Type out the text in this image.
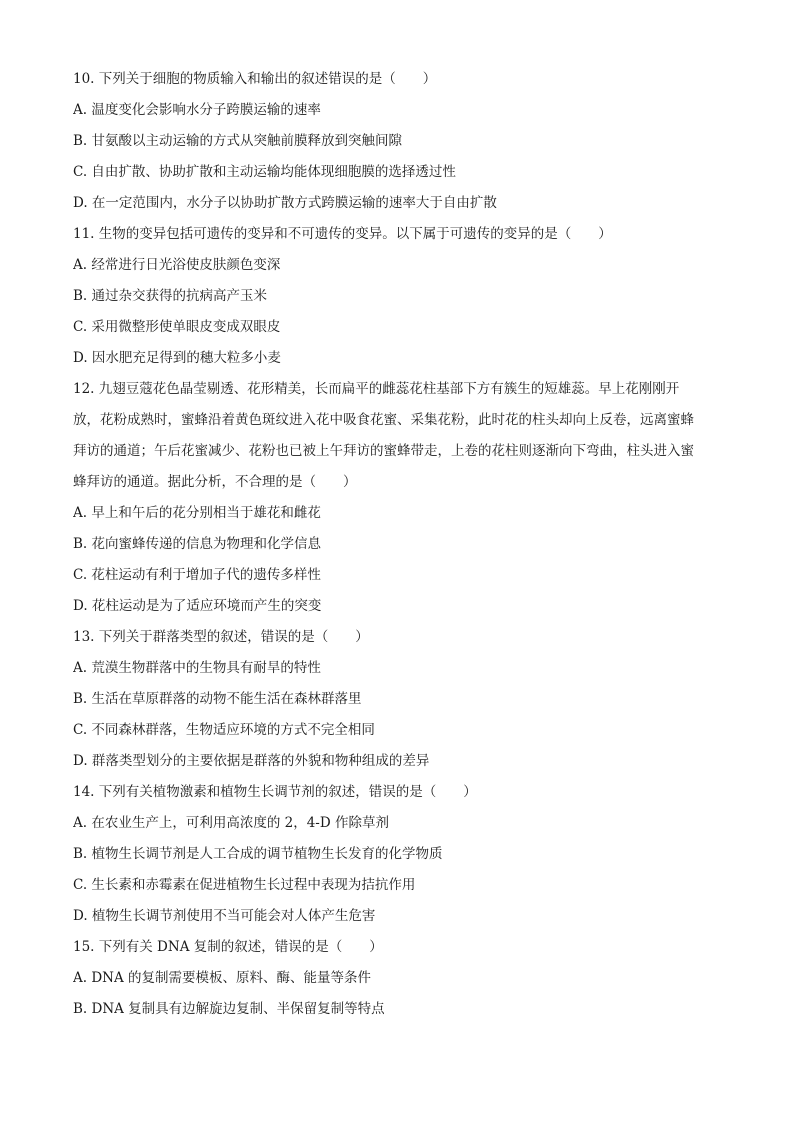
10. 下列关于细胞的物质输入和输出的叙述错误的是（　　）
A. 温度变化会影响水分子跨膜运输的速率
B. 甘氨酸以主动运输的方式从突触前膜释放到突触间隙
C. 自由扩散、协助扩散和主动运输均能体现细胞膜的选择透过性
D. 在一定范围内，水分子以协助扩散方式跨膜运输的速率大于自由扩散
11. 生物的变异包括可遗传的变异和不可遗传的变异。以下属于可遗传的变异的是（　　）
A. 经常进行日光浴使皮肤颜色变深
B. 通过杂交获得的抗病高产玉米
C. 采用微整形使单眼皮变成双眼皮
D. 因水肥充足得到的穗大粒多小麦
12. 九翅豆蔻花色晶莹剔透、花形精美，长而扁平的雌蕊花柱基部下方有簇生的短雄蕊。早上花刚刚开
放，花粉成熟时，蜜蜂沿着黄色斑纹进入花中吸食花蜜、采集花粉，此时花的柱头却向上反卷，远离蜜蜂
拜访的通道；午后花蜜减少、花粉也已被上午拜访的蜜蜂带走，上卷的花柱则逐渐向下弯曲，柱头进入蜜
蜂拜访的通道。据此分析，不合理的是（　　）
A. 早上和午后的花分别相当于雄花和雌花
B. 花向蜜蜂传递的信息为物理和化学信息
C. 花柱运动有利于增加子代的遗传多样性
D. 花柱运动是为了适应环境而产生的突变
13. 下列关于群落类型的叙述，错误的是（　　）
A. 荒漠生物群落中的生物具有耐旱的特性
B. 生活在草原群落的动物不能生活在森林群落里
C. 不同森林群落，生物适应环境的方式不完全相同
D. 群落类型划分的主要依据是群落的外貌和物种组成的差异
14. 下列有关植物激素和植物生长调节剂的叙述，错误的是（　　）
A. 在农业生产上，可利用高浓度的 2，4-D 作除草剂
B. 植物生长调节剂是人工合成的调节植物生长发育的化学物质
C. 生长素和赤霉素在促进植物生长过程中表现为拮抗作用
D. 植物生长调节剂使用不当可能会对人体产生危害
15. 下列有关 DNA 复制的叙述，错误的是（　　）
A. DNA 的复制需要模板、原料、酶、能量等条件
B. DNA 复制具有边解旋边复制、半保留复制等特点
